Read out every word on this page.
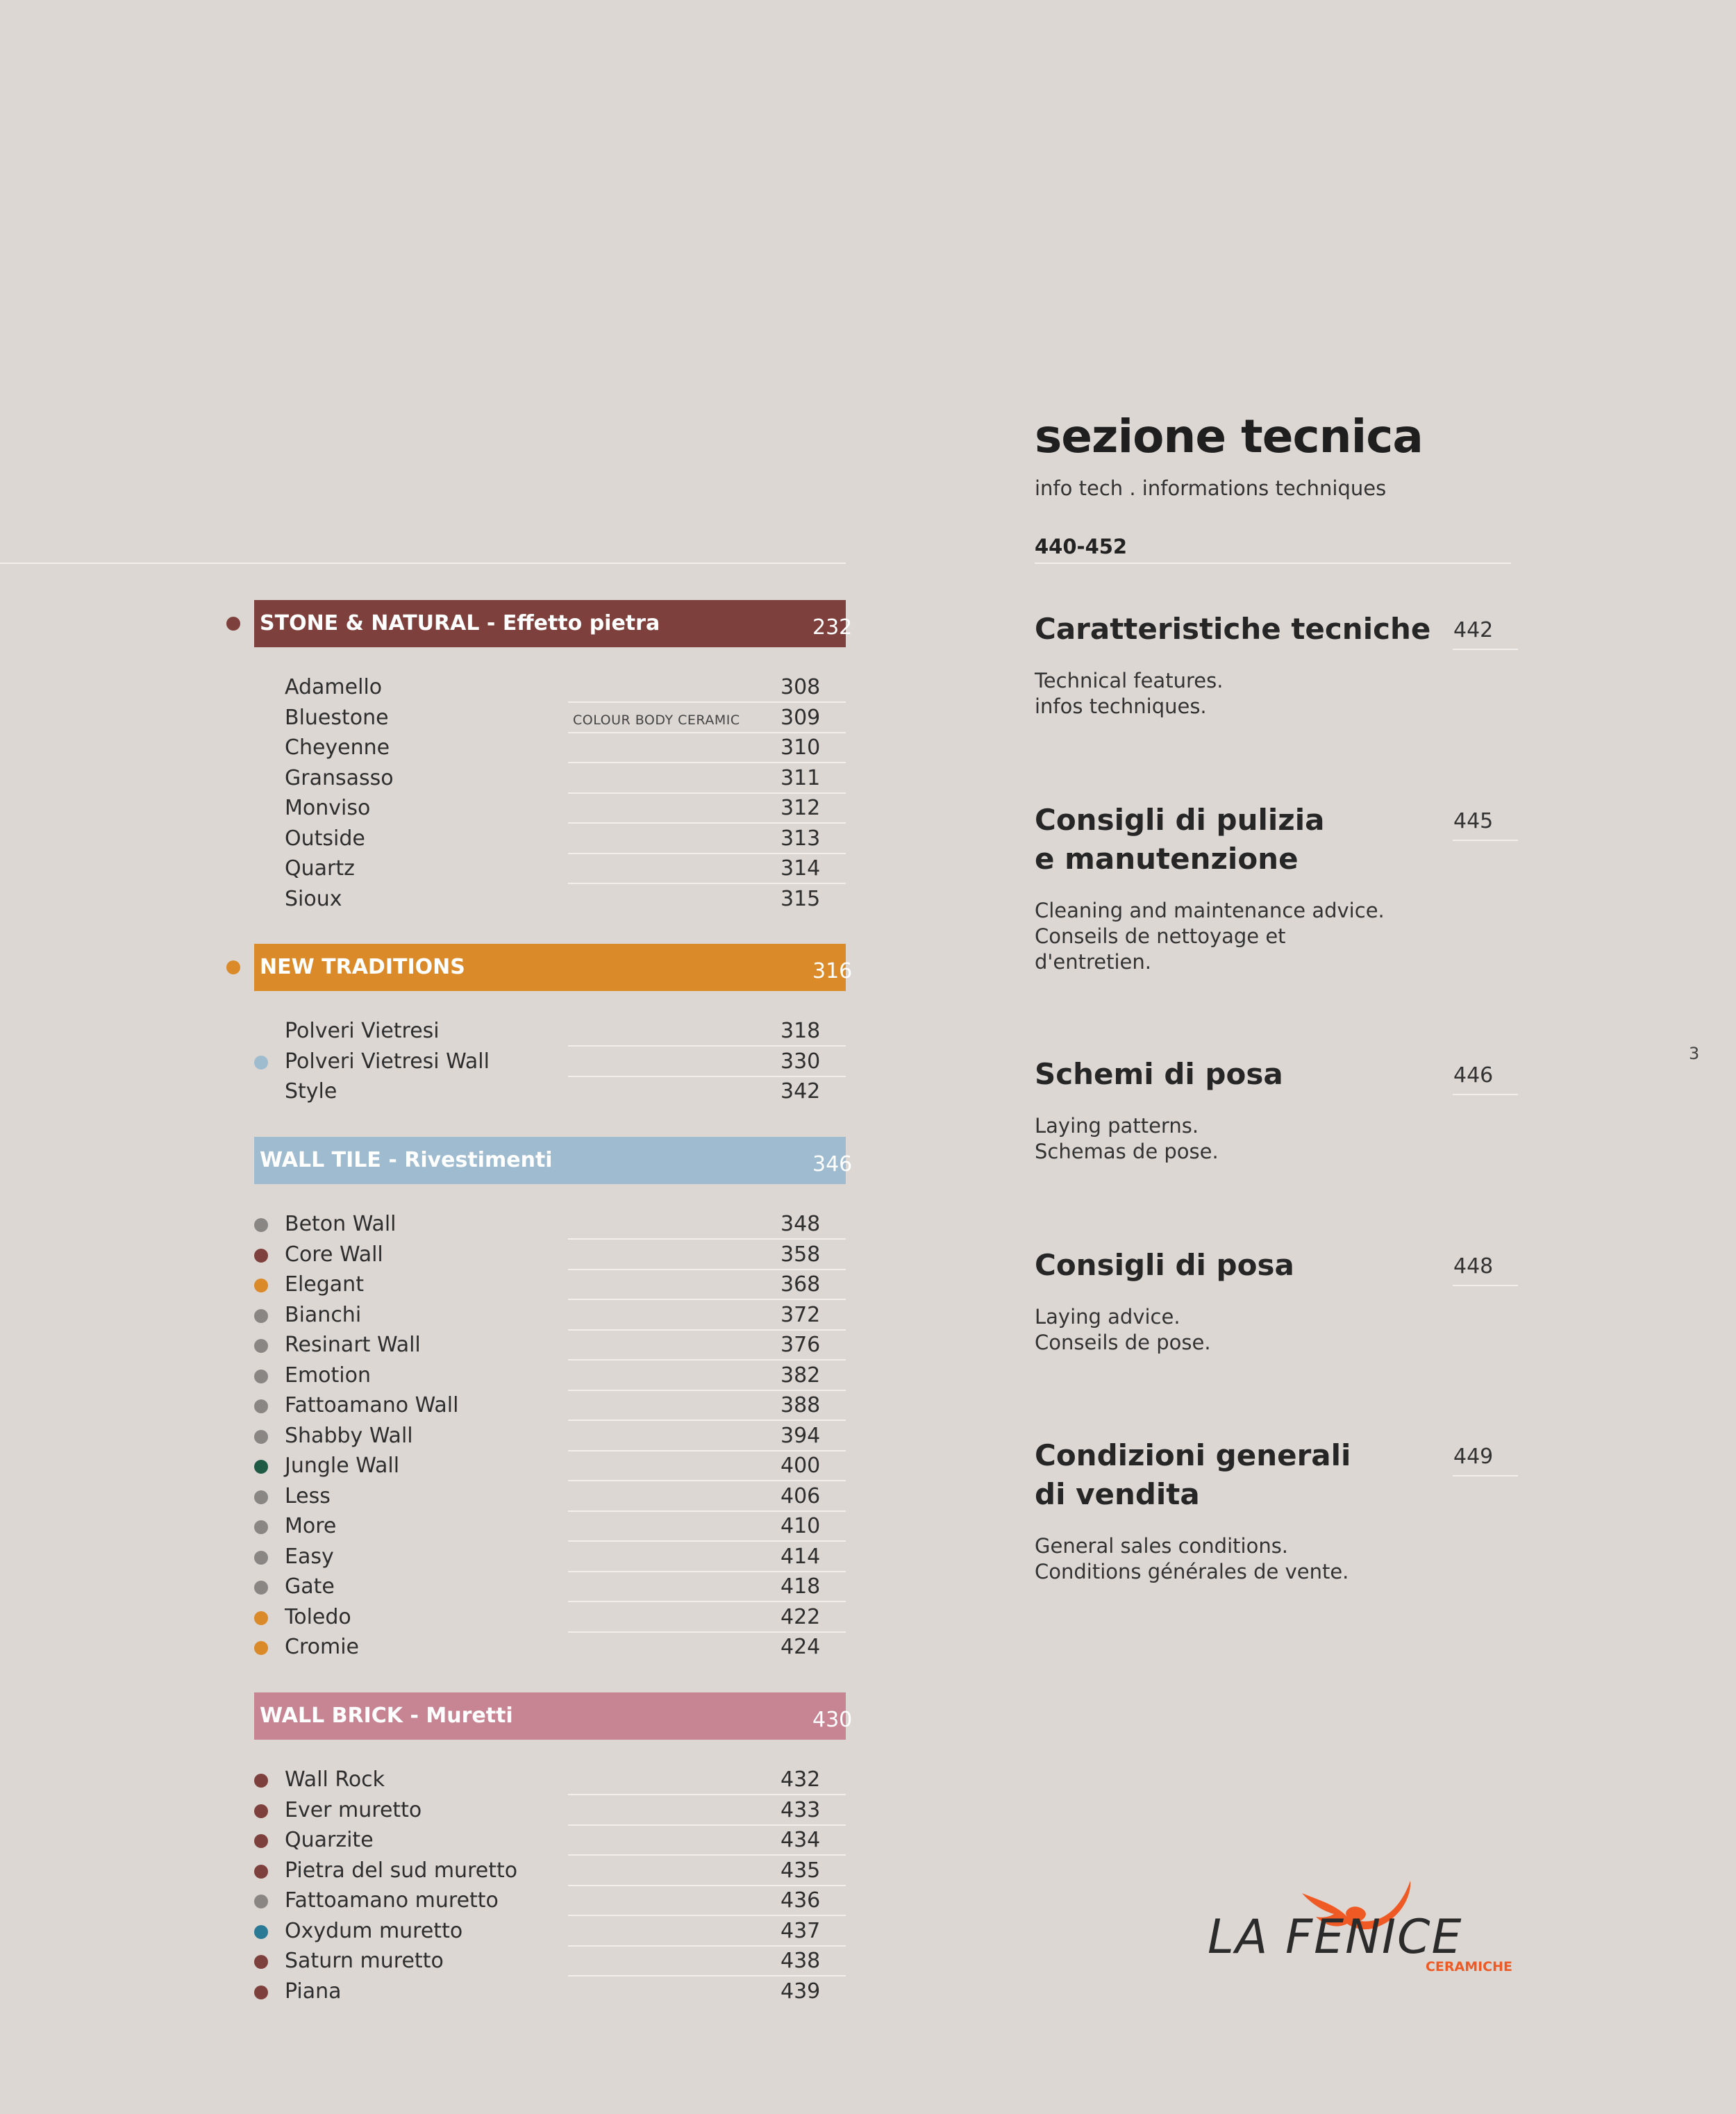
STONE & NATURAL - Effetto pietra	232
Adamello	308
Bluestone	COLOUR BODY CERAMIC 309
Cheyenne	310
Gransasso	311
Monviso	312
Outside	313
Quartz	314
Sioux	315
NEW TRADITIONS	316
Polveri Vietresi	318
Polveri Vietresi Wall	330
Style	342
WALL TILE - Rivestimenti	346
Beton Wall	348
Core Wall	358
Elegant	368
Bianchi	372
Resinart Wall	376
Emotion	382
Fattoamano Wall	388
Shabby Wall	394
Jungle Wall	400
Less	406
More	410
Easy	414
Gate	418
Toledo	422
Cromie	424
WALL BRICK - Muretti	430
Wall Rock	432
Ever muretto	433
Quarzite	434
Pietra del sud muretto	435
Fattoamano muretto	436
Oxydum muretto	437
Saturn muretto	438
Piana	439
sezione tecnica
info tech . informations techniques
440-452
Caratteristiche tecniche 442
Technical features.
infos techniques.
Consigli di pulizia
e manutenzione
445
Cleaning and maintenance advice.
Conseils de nettoyage et
d'entretien.
Schemi di posa	446
Laying patterns.
Schemas de pose.
Consigli di posa	448
Laying advice.
Conseils de pose.
Condizioni generali
di vendita
449
General sales conditions.
Conditions générales de vente.
3
LA FENICE
CERAMICHE
